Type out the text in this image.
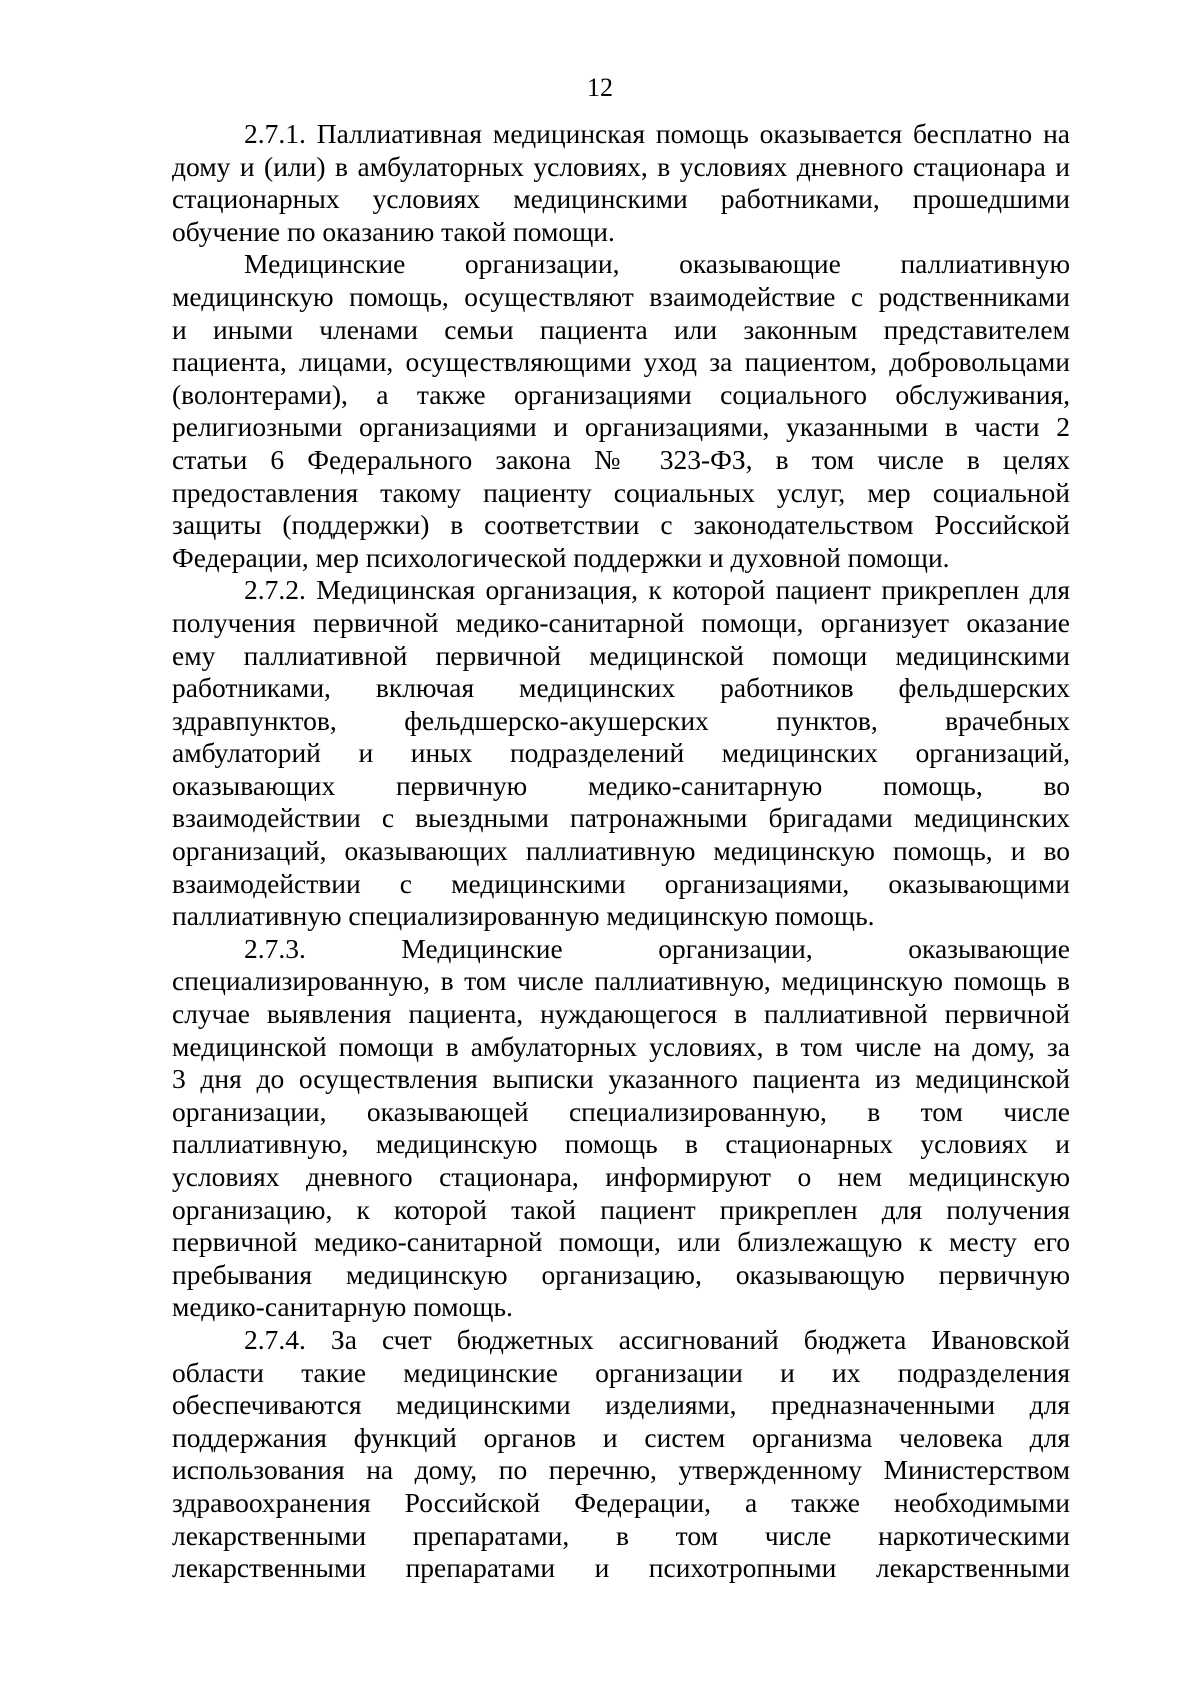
12
2.7.1. Паллиативная медицинская помощь оказывается бесплатно на
дому и (или) в амбулаторных условиях, в условиях дневного стационара и
стационарных условиях медицинскими работниками, прошедшими
обучение по оказанию такой помощи.
Медицинские организации, оказывающие паллиативную
медицинскую помощь, осуществляют взаимодействие с родственниками
и иными членами семьи пациента или законным представителем
пациента, лицами, осуществляющими уход за пациентом, добровольцами
(волонтерами), а также организациями социального обслуживания,
религиозными организациями и организациями, указанными в части 2
статьи 6 Федерального закона № 323-ФЗ, в том числе в целях
предоставления такому пациенту социальных услуг, мер социальной
защиты (поддержки) в соответствии с законодательством Российской
Федерации, мер психологической поддержки и духовной помощи.
2.7.2. Медицинская организация, к которой пациент прикреплен для
получения первичной медико-санитарной помощи, организует оказание
ему паллиативной первичной медицинской помощи медицинскими
работниками, включая медицинских работников фельдшерских
здравпунктов, фельдшерско-акушерских пунктов, врачебных
амбулаторий и иных подразделений медицинских организаций,
оказывающих первичную медико-санитарную помощь, во
взаимодействии с выездными патронажными бригадами медицинских
организаций, оказывающих паллиативную медицинскую помощь, и во
взаимодействии с медицинскими организациями, оказывающими
паллиативную специализированную медицинскую помощь.
2.7.3. Медицинские организации, оказывающие
специализированную, в том числе паллиативную, медицинскую помощь в
случае выявления пациента, нуждающегося в паллиативной первичной
медицинской помощи в амбулаторных условиях, в том числе на дому, за
3 дня до осуществления выписки указанного пациента из медицинской
организации, оказывающей специализированную, в том числе
паллиативную, медицинскую помощь в стационарных условиях и
условиях дневного стационара, информируют о нем медицинскую
организацию, к которой такой пациент прикреплен для получения
первичной медико-санитарной помощи, или близлежащую к месту его
пребывания медицинскую организацию, оказывающую первичную
медико-санитарную помощь.
2.7.4. За счет бюджетных ассигнований бюджета Ивановской
области такие медицинские организации и их подразделения
обеспечиваются медицинскими изделиями, предназначенными для
поддержания функций органов и систем организма человека для
использования на дому, по перечню, утвержденному Министерством
здравоохранения Российской Федерации, а также необходимыми
лекарственными препаратами, в том числе наркотическими
лекарственными препаратами и психотропными лекарственными
